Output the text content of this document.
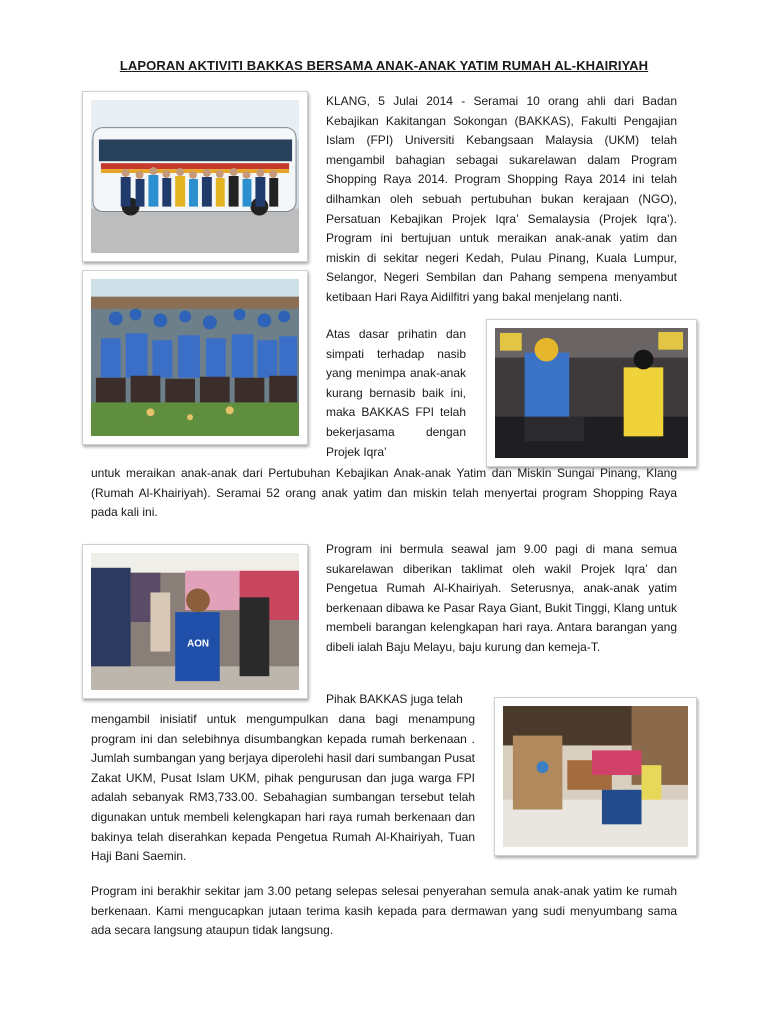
LAPORAN AKTIVITI BAKKAS BERSAMA ANAK-ANAK YATIM RUMAH AL-KHAIRIYAH

KLANG, 5 Julai 2014 - Seramai 10 orang ahli dari Badan Kebajikan Kakitangan Sokongan (BAKKAS), Fakulti Pengajian Islam (FPI) Universiti Kebangsaan Malaysia (UKM) telah mengambil bahagian sebagai sukarelawan dalam Program Shopping Raya 2014. Program Shopping Raya 2014 ini telah dilhamkan oleh sebuah pertubuhan bukan kerajaan (NGO), Persatuan Kebajikan Projek Iqra’ Semalaysia (Projek Iqra’). Program ini bertujuan untuk meraikan anak-anak yatim dan miskin di sekitar negeri Kedah, Pulau Pinang, Kuala Lumpur, Selangor, Negeri Sembilan dan Pahang sempena menyambut ketibaan Hari Raya Aidilfitri yang bakal menjelang nanti.

Atas dasar prihatin dan simpati terhadap nasib yang menimpa anak-anak kurang bernasib baik ini, maka BAKKAS FPI telah bekerjasama dengan Projek Iqra’

untuk meraikan anak-anak dari Pertubuhan Kebajikan Anak-anak Yatim dan Miskin Sungai Pinang, Klang (Rumah Al-Khairiyah). Seramai 52 orang anak yatim dan miskin telah menyertai program Shopping Raya pada kali ini.

AON

Program ini bermula seawal jam 9.00 pagi di mana semua sukarelawan diberikan taklimat oleh wakil Projek Iqra’ dan Pengetua Rumah Al-Khairiyah. Seterusnya, anak-anak yatim berkenaan dibawa ke Pasar Raya Giant, Bukit Tinggi, Klang untuk membeli barangan kelengkapan hari raya. Antara barangan yang dibeli ialah Baju Melayu, baju kurung dan kemeja-T.

Pihak BAKKAS juga telah

mengambil inisiatif untuk mengumpulkan dana bagi menampung program ini dan selebihnya disumbangkan kepada rumah berkenaan . Jumlah sumbangan yang berjaya diperolehi hasil dari sumbangan Pusat Zakat UKM, Pusat Islam UKM, pihak pengurusan dan juga warga FPI adalah sebanyak RM3,733.00. Sebahagian sumbangan tersebut telah digunakan untuk membeli kelengkapan hari raya rumah berkenaan dan bakinya telah diserahkan kepada Pengetua Rumah Al-Khairiyah, Tuan Haji Bani Saemin.

Program ini berakhir sekitar jam 3.00 petang selepas selesai penyerahan semula anak-anak yatim ke rumah berkenaan. Kami mengucapkan jutaan terima kasih kepada para dermawan yang sudi menyumbang sama ada secara langsung ataupun tidak langsung.
